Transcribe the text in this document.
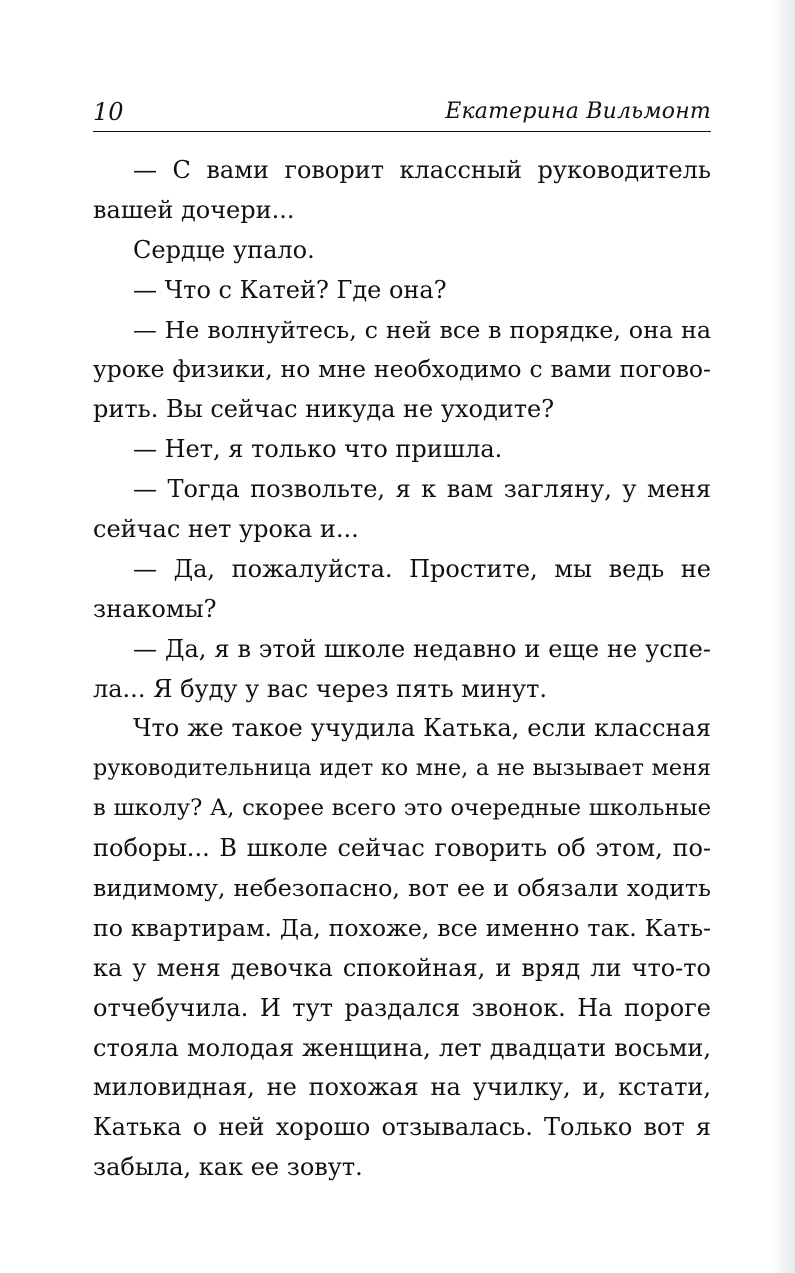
10	Екатерина Вильмонт
— С вами говорит классный руководитель
вашей дочери...
Сердце упало.
— Что с Катей? Где она?
— Не волнуйтесь, с ней все в порядке, она на
уроке физики, но мне необходимо с вами погово-
рить. Вы сейчас никуда не уходите?
— Нет, я только что пришла.
— Тогда позвольте, я к вам загляну, у меня
сейчас нет урока и...
— Да, пожалуйста. Простите, мы ведь не
знакомы?
— Да, я в этой школе недавно и еще не успе-
ла... Я буду у вас через пять минут.
Что же такое учудила Катька, если классная
руководительница идет ко мне, а не вызывает меня
в школу? А, скорее всего это очередные школьные
поборы... В школе сейчас говорить об этом, по-
видимому, небезопасно, вот ее и обязали ходить
по квартирам. Да, похоже, все именно так. Кать-
ка у меня девочка спокойная, и вряд ли что-то
отчебучила. И тут раздался звонок. На пороге
стояла молодая женщина, лет двадцати восьми,
миловидная, не похожая на училку, и, кстати,
Катька о ней хорошо отзывалась. Только вот я
забыла, как ее зовут.
